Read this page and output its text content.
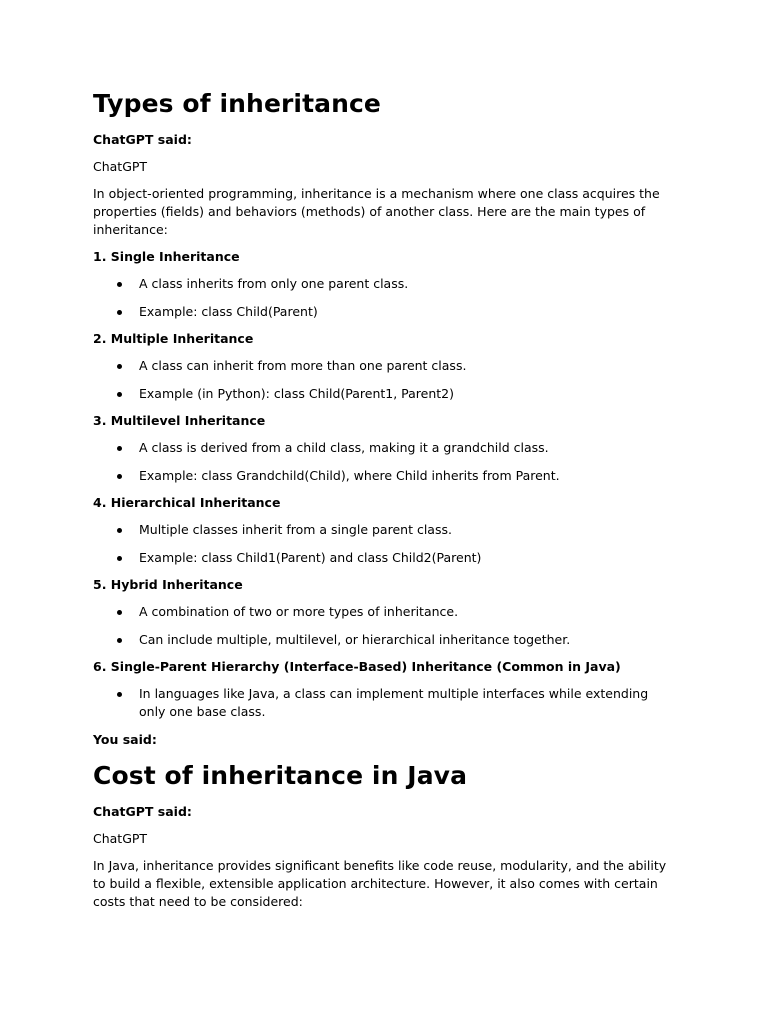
Types of inheritance
ChatGPT said:
ChatGPT
In object-oriented programming, inheritance is a mechanism where one class acquires the properties (fields) and behaviors (methods) of another class. Here are the main types of inheritance:
1. Single Inheritance
A class inherits from only one parent class.
Example: class Child(Parent)
2. Multiple Inheritance
A class can inherit from more than one parent class.
Example (in Python): class Child(Parent1, Parent2)
3. Multilevel Inheritance
A class is derived from a child class, making it a grandchild class.
Example: class Grandchild(Child), where Child inherits from Parent.
4. Hierarchical Inheritance
Multiple classes inherit from a single parent class.
Example: class Child1(Parent) and class Child2(Parent)
5. Hybrid Inheritance
A combination of two or more types of inheritance.
Can include multiple, multilevel, or hierarchical inheritance together.
6. Single-Parent Hierarchy (Interface-Based) Inheritance (Common in Java)
In languages like Java, a class can implement multiple interfaces while extending only one base class.
You said:
Cost of inheritance in Java
ChatGPT said:
ChatGPT
In Java, inheritance provides significant benefits like code reuse, modularity, and the ability to build a flexible, extensible application architecture. However, it also comes with certain costs that need to be considered:
